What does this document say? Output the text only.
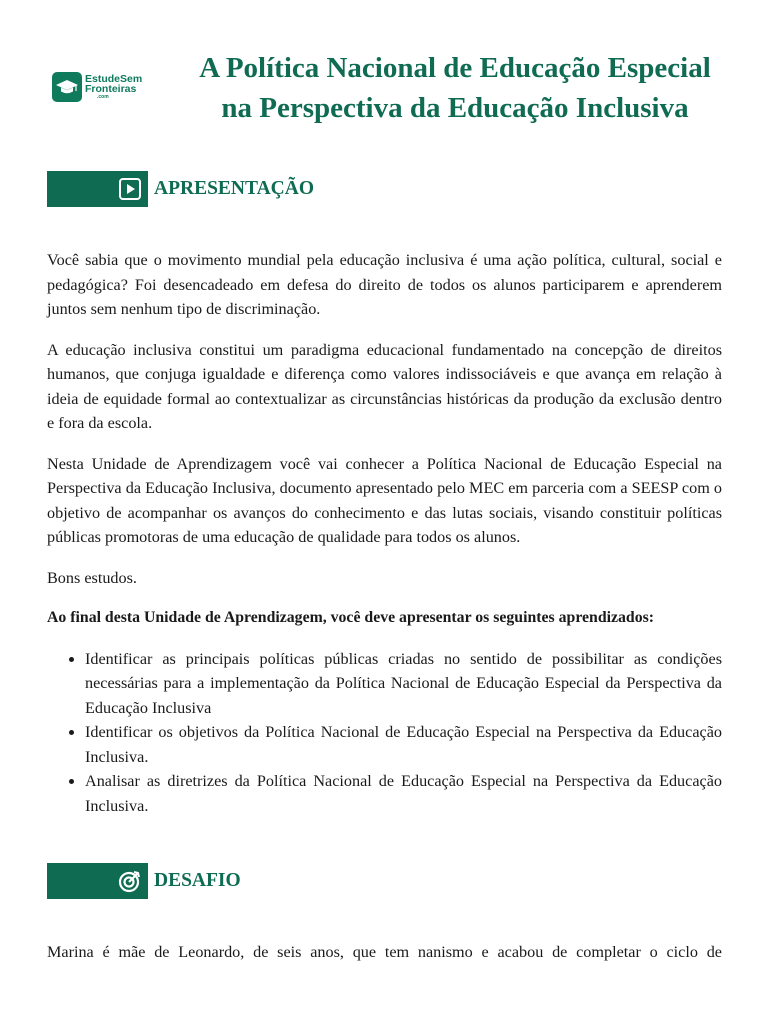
EstudeSem
Fronteiras
.com
A Política Nacional de Educação Especial
na Perspectiva da Educação Inclusiva
APRESENTAÇÃO

Você sabia que o movimento mundial pela educação inclusiva é uma ação política, cultural, social e pedagógica? Foi desencadeado em defesa do direito de todos os alunos participarem e aprenderem juntos sem nenhum tipo de discriminação.

A educação inclusiva constitui um paradigma educacional fundamentado na concepção de direitos humanos, que conjuga igualdade e diferença como valores indissociáveis e que avança em relação à ideia de equidade formal ao contextualizar as circunstâncias históricas da produção da exclusão dentro e fora da escola.

Nesta Unidade de Aprendizagem você vai conhecer a Política Nacional de Educação Especial na Perspectiva da Educação Inclusiva, documento apresentado pelo MEC em parceria com a SEESP com o objetivo de acompanhar os avanços do conhecimento e das lutas sociais, visando constituir políticas públicas promotoras de uma educação de qualidade para todos os alunos.

Bons estudos.

Ao final desta Unidade de Aprendizagem, você deve apresentar os seguintes aprendizados:

• Identificar as principais políticas públicas criadas no sentido de possibilitar as condições necessárias para a implementação da Política Nacional de Educação Especial da Perspectiva da Educação Inclusiva
• Identificar os objetivos da Política Nacional de Educação Especial na Perspectiva da Educação Inclusiva.
• Analisar as diretrizes da Política Nacional de Educação Especial na Perspectiva da Educação Inclusiva.
DESAFIO

Marina é mãe de Leonardo, de seis anos, que tem nanismo e acabou de completar o ciclo de
